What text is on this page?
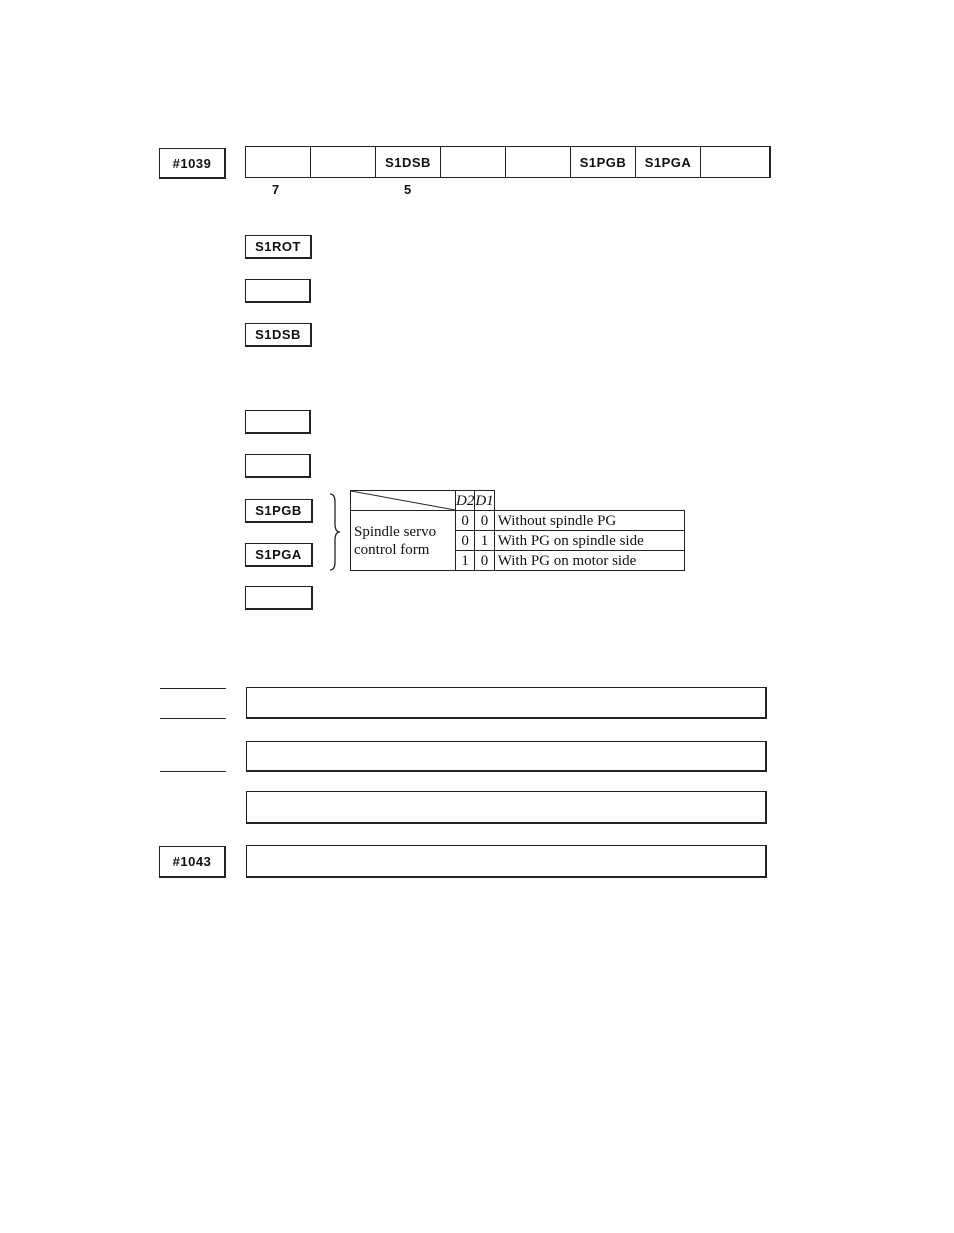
#1039	S1DSB	S1PGB	S1PGA
7	5
S1ROT
S1DSB
S1PGB
S1PGA
	D2	D1	

Spindle servo
control form	0	0	Without spindle PG
	0	1	With PG on spindle side
	1	0	With PG on motor side
#1043
